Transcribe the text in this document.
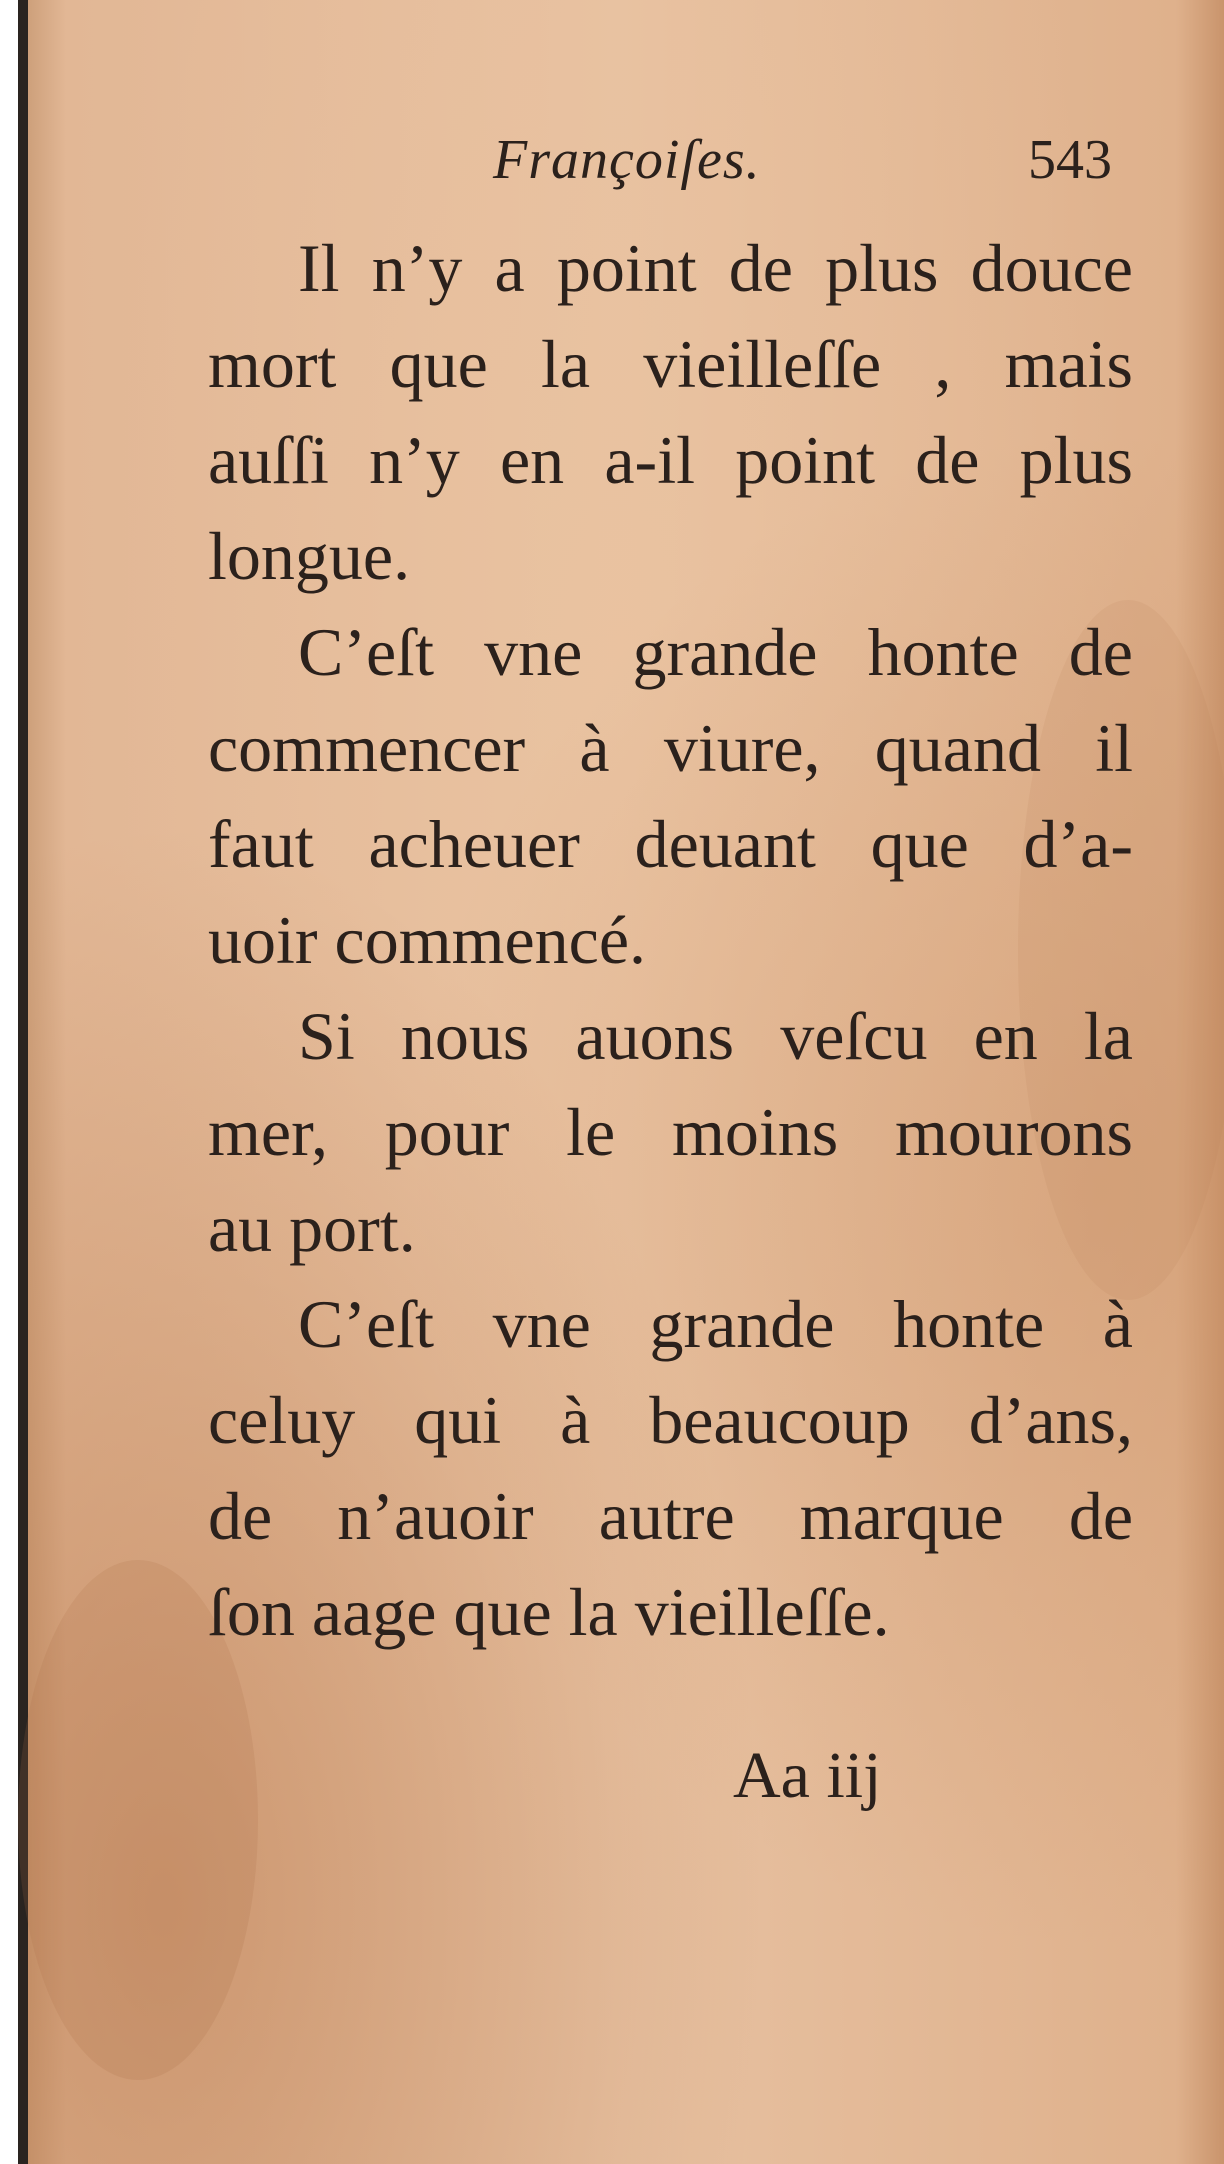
Françoiſes.	543
Il n’y a point de plus douce
mort que la vieilleſſe , mais
auſſi n’y en a-il point de plus
longue.
C’eſt vne grande honte de
commencer à viure, quand il
faut acheuer deuant que d’a-
uoir commencé.
Si nous auons veſcu en la
mer, pour le moins mourons
au port.
C’eſt vne grande honte à
celuy qui à beaucoup d’ans,
de n’auoir autre marque de
ſon aage que la vieilleſſe.
Aa iij
